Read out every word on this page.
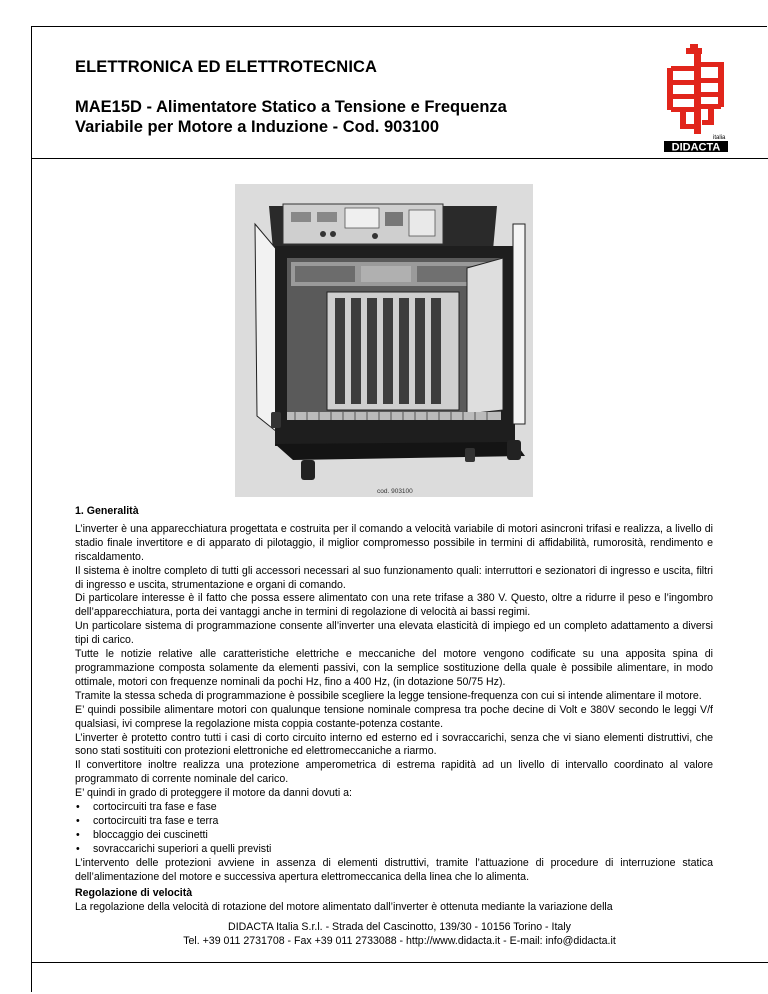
ELETTRONICA ED ELETTROTECNICA
MAE15D - Alimentatore Statico a Tensione e Frequenza
Variabile per Motore a Induzione - Cod. 903100
italia
DIDACTA
cod. 903100

1. Generalità

L’inverter è una apparecchiatura progettata e costruita per il comando a velocità variabile di motori asincroni trifasi e realizza, a livello di stadio finale invertitore e di apparato di pilotaggio, il miglior compromesso possibile in termini di affidabilità, rumorosità, rendimento e riscaldamento.

Il sistema è inoltre completo di tutti gli accessori necessari al suo funzionamento quali: interruttori e sezionatori di ingresso e uscita, filtri di ingresso e uscita, strumentazione e organi di comando.

Di particolare interesse è il fatto che possa essere alimentato con una rete trifase a 380 V. Questo, oltre a ridurre il peso e l’ingombro dell’apparecchiatura, porta dei vantaggi anche in termini di regolazione di velocità ai bassi regimi.

Un particolare sistema di programmazione consente all’inverter una elevata elasticità di impiego ed un completo adattamento a diversi tipi di carico.

Tutte le notizie relative alle caratteristiche elettriche e meccaniche del motore vengono codificate su una apposita spina di programmazione composta solamente da elementi passivi, con la semplice sostituzione della quale è possibile alimentare, in modo ottimale, motori con frequenze nominali da pochi Hz, fino a 400 Hz, (in dotazione 50/75 Hz).

Tramite la stessa scheda di programmazione è possibile scegliere la legge tensione-frequenza con cui si intende alimentare il motore.

E’ quindi possibile alimentare motori con qualunque tensione nominale compresa tra poche decine di Volt e 380V secondo le leggi V/f qualsiasi, ivi comprese la regolazione mista coppia costante-potenza costante.

L’inverter è protetto contro tutti i casi di corto circuito interno ed esterno ed i sovraccarichi, senza che vi siano elementi distruttivi, che sono stati sostituiti con protezioni elettroniche ed elettromeccaniche a riarmo.

Il convertitore inoltre realizza una protezione amperometrica di estrema rapidità ad un livello di intervallo coordinato al valore programmato di corrente nominale del carico.

E’ quindi in grado di proteggere il motore da danni dovuti a:

• cortocircuiti tra fase e fase
• cortocircuiti tra fase e terra
• bloccaggio dei cuscinetti
• sovraccarichi superiori a quelli previsti

L’intervento delle protezioni avviene in assenza di elementi distruttivi, tramite l’attuazione di procedure di interruzione statica dell’alimentazione del motore e successiva apertura elettromeccanica della linea che lo alimenta.

Regolazione di velocità

La regolazione della velocità di rotazione del motore alimentato dall’inverter è ottenuta mediante la variazione della

DIDACTA Italia S.r.l. - Strada del Cascinotto, 139/30 - 10156 Torino - Italy
Tel. +39 011 2731708 - Fax +39 011 2733088 - http://www.didacta.it - E-mail: info@didacta.it
